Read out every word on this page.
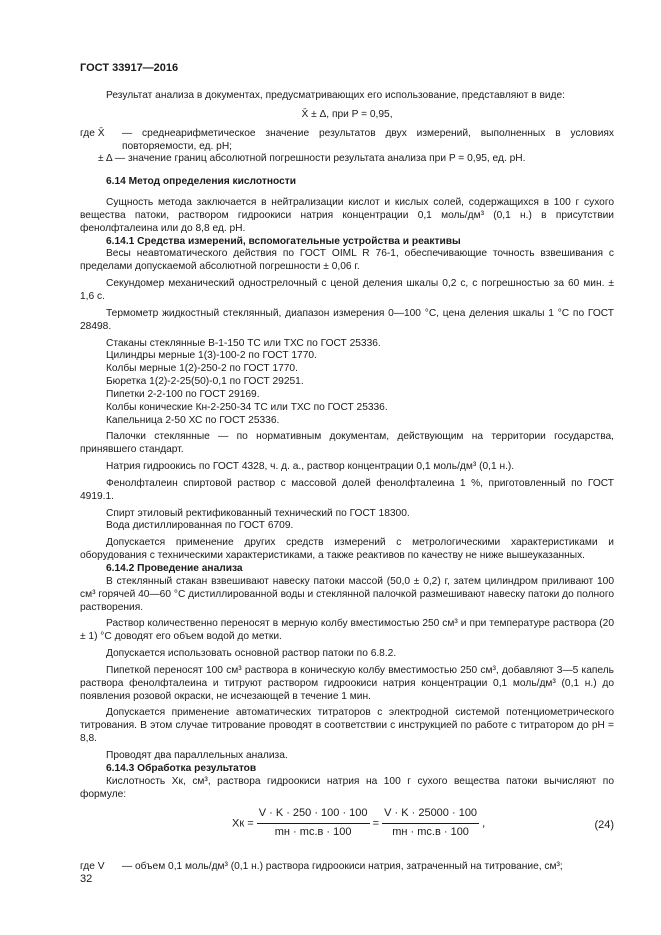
ГОСТ 33917—2016

Результат анализа в документах, предусматривающих его использование, представляют в виде:

X̄ ± Δ, при P = 0,95,

где X̄	— среднеарифметическое значение результатов двух измерений, выполненных в условиях повторяемости, ед. pH;

± Δ — значение границ абсолютной погрешности результата анализа при P = 0,95, ед. pH.

6.14 Метод определения кислотности

Сущность метода заключается в нейтрализации кислот и кислых солей, содержащихся в 100 г сухого вещества патоки, раствором гидроокиси натрия концентрации 0,1 моль/дм³ (0,1 н.) в присутствии фенолфталеина или до 8,8 ед. pH.

6.14.1 Средства измерений, вспомогательные устройства и реактивы

Весы неавтоматического действия по ГОСТ OIML R 76-1, обеспечивающие точность взвешивания с пределами допускаемой абсолютной погрешности ± 0,06 г.

Секундомер механический однострелочный с ценой деления шкалы 0,2 с, с погрешностью за 60 мин. ± 1,6 с.

Термометр жидкостный стеклянный, диапазон измерения 0—100 °С, цена деления шкалы 1 °С по ГОСТ 28498.

Стаканы стеклянные В-1-150 ТС или ТХС по ГОСТ 25336.

Цилиндры мерные 1(3)-100-2 по ГОСТ 1770.

Колбы мерные 1(2)-250-2 по ГОСТ 1770.

Бюретка 1(2)-2-25(50)-0,1 по ГОСТ 29251.

Пипетки 2-2-100 по ГОСТ 29169.

Колбы конические Кн-2-250-34 ТС или ТХС по ГОСТ 25336.

Капельница 2-50 ХС по ГОСТ 25336.

Палочки стеклянные — по нормативным документам, действующим на территории государства, принявшего стандарт.

Натрия гидроокись по ГОСТ 4328, ч. д. а., раствор концентрации 0,1 моль/дм³ (0,1 н.).

Фенолфталеин спиртовой раствор с массовой долей фенолфталеина 1 %, приготовленный по ГОСТ 4919.1.

Спирт этиловый ректификованный технический по ГОСТ 18300.

Вода дистиллированная по ГОСТ 6709.

Допускается применение других средств измерений с метрологическими характеристиками и оборудования с техническими характеристиками, а также реактивов по качеству не ниже вышеуказанных.

6.14.2 Проведение анализа

В стеклянный стакан взвешивают навеску патоки массой (50,0 ± 0,2) г, затем цилиндром приливают 100 см³ горячей 40—60 °С дистиллированной воды и стеклянной палочкой размешивают навеску патоки до полного растворения.

Раствор количественно переносят в мерную колбу вместимостью 250 см³ и при температуре раствора (20 ± 1) °С доводят его объем водой до метки.

Допускается использовать основной раствор патоки по 6.8.2.

Пипеткой переносят 100 см³ раствора в коническую колбу вместимостью 250 см³, добавляют 3—5 капель раствора фенолфталеина и титруют раствором гидроокиси натрия концентрации 0,1 моль/дм³ (0,1 н.) до появления розовой окраски, не исчезающей в течение 1 мин.

Допускается применение автоматических титраторов с электродной системой потенциометрического титрования. В этом случае титрование проводят в соответствии с инструкцией по работе с титратором до pH = 8,8.

Проводят два параллельных анализа.

6.14.3 Обработка результатов

Кислотность Xк, см³, раствора гидроокиси натрия на 100 г сухого вещества патоки вычисляют по формуле:

Xк = $\frac{V \cdot K \cdot 250 \cdot 100 \cdot 100}{mн \cdot mс.в \cdot 100} = \frac{V \cdot K \cdot 25000 \cdot 100}{mн \cdot mс.в \cdot 100}$ ,	(24)
где V	— объем 0,1 моль/дм³ (0,1 н.) раствора гидроокиси натрия, затраченный на титрование, см³;
32
